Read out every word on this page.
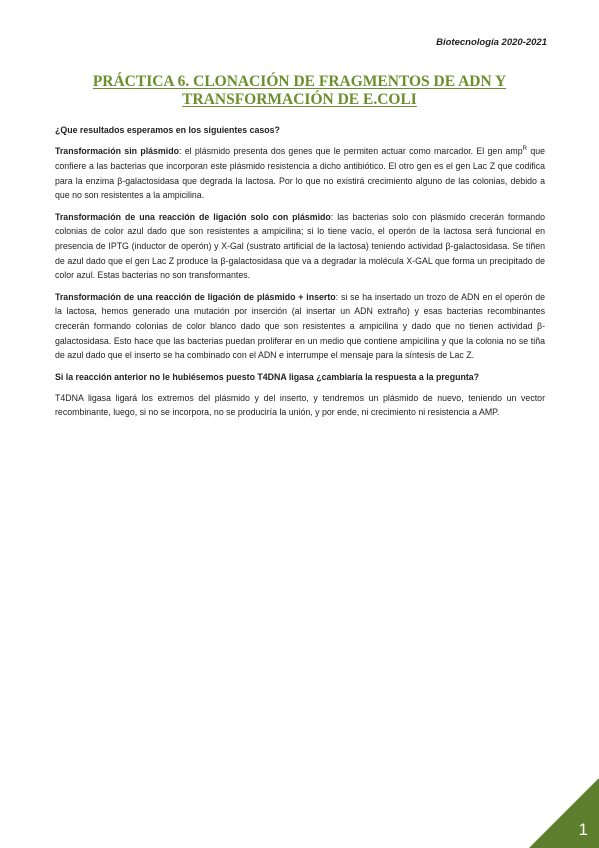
Biotecnología 2020-2021
PRÁCTICA 6. CLONACIÓN DE FRAGMENTOS DE ADN Y
TRANSFORMACIÓN DE E.COLI

¿Que resultados esperamos en los siguientes casos?

Transformación sin plásmido: el plásmido presenta dos genes que le permiten actuar como marcador. El gen amp$^R$ que confiere a las bacterias que incorporan este plásmido resistencia a dicho antibiótico. El otro gen es el gen Lac Z que codifica para la enzima β-galactosidasa que degrada la lactosa. Por lo que no existirá crecimiento alguno de las colonias, debido a que no son resistentes a la ampicilina.

Transformación de una reacción de ligación solo con plásmido: las bacterias solo con plásmido crecerán formando colonias de color azul dado que son resistentes a ampicilina; si lo tiene vacío, el operón de la lactosa será funcional en presencia de IPTG (inductor de operón) y X-Gal (sustrato artificial de la lactosa) teniendo actividad β-galactosidasa. Se tiñen de azul dado que el gen Lac Z produce la β-galactosidasa que va a degradar la molécula X-GAL que forma un precipitado de color azul. Estas bacterias no son transformantes.

Transformación de una reacción de ligación de plásmido + inserto: si se ha insertado un trozo de ADN en el operón de la lactosa, hemos generado una mutación por inserción (al insertar un ADN extraño) y esas bacterias recombinantes crecerán formando colonias de color blanco dado que son resistentes a ampicilina y dado que no tienen actividad β-galactosidasa. Esto hace que las bacterias puedan proliferar en un medio que contiene ampicilina y que la colonia no se tiña de azul dado que el inserto se ha combinado con el ADN e interrumpe el mensaje para la síntesis de Lac Z.

Si la reacción anterior no le hubiésemos puesto T4DNA ligasa ¿cambiaría la respuesta a la pregunta?

T4DNA ligasa ligará los extremos del plásmido y del inserto, y tendremos un plásmido de nuevo, teniendo un vector recombinante, luego, si no se incorpora, no se produciría la unión, y por ende, ni crecimiento ni resistencia a AMP.

1
